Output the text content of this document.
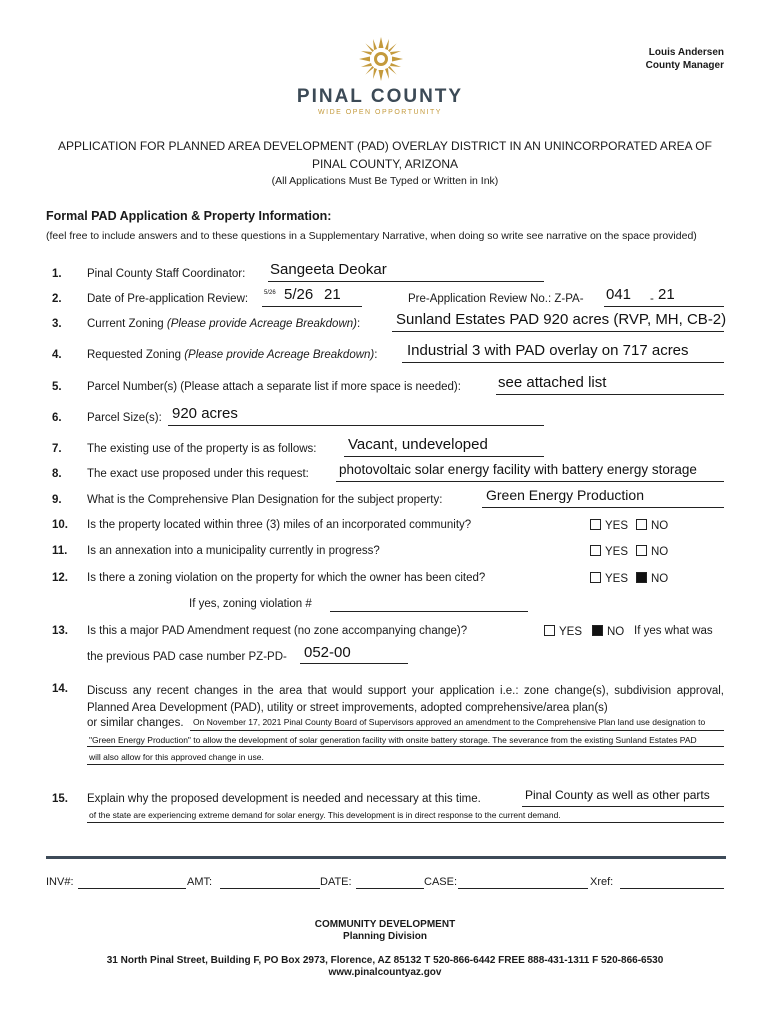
Louis Andersen
County Manager
PINAL COUNTY
WIDE OPEN OPPORTUNITY
APPLICATION FOR PLANNED AREA DEVELOPMENT (PAD) OVERLAY DISTRICT IN AN UNINCORPORATED AREA OF
PINAL COUNTY, ARIZONA
(All Applications Must Be Typed or Written in Ink)
Formal PAD Application & Property Information:
(feel free to include answers and to these questions in a Supplementary Narrative, when doing so write see narrative on the space provided)
1. Pinal County Staff Coordinator: Sangeeta Deokar
2. Date of Pre-application Review:	5/26 5/26 21	Pre-Application Review No.: Z-PA- 041 - 21
3. Current Zoning (Please provide Acreage Breakdown): Sunland Estates PAD 920 acres (RVP, MH, CB-2)
4. Requested Zoning (Please provide Acreage Breakdown): Industrial 3 with PAD overlay on 717 acres
5. Parcel Number(s) (Please attach a separate list if more space is needed): see attached list
6. Parcel Size(s): 920 acres
7. The existing use of the property is as follows: Vacant, undeveloped
8. The exact use proposed under this request: photovoltaic solar energy facility with battery energy storage
9. What is the Comprehensive Plan Designation for the subject property:	Green Energy Production
10. Is the property located within three (3) miles of an incorporated community?	YES	NO
11. Is an annexation into a municipality currently in progress?	YES	NO
12. Is there a zoning violation on the property for which the owner has been cited?	YES	NO
If yes, zoning violation #
13. Is this a major PAD Amendment request (no zone accompanying change)?	YES	NO If yes what was
the previous PAD case number PZ-PD- 052-00
14. Discuss any recent changes in the area that would support your application i.e.: zone change(s), subdivision approval, Planned Area Development (PAD), utility or street improvements, adopted comprehensive/area plan(s)
or similar changes. On November 17, 2021 Pinal County Board of Supervisors approved an amendment to the Comprehensive Plan land use designation to
"Green Energy Production" to allow the development of solar generation facility with onsite battery storage. The severance from the existing Sunland Estates PAD
will also allow for this approved change in use.
15. Explain why the proposed development is needed and necessary at this time.	Pinal County as well as other parts
of the state are experiencing extreme demand for solar energy. This development is in direct response to the current demand.
INV#:	AMT:	DATE:	CASE:	Xref:
COMMUNITY DEVELOPMENT
Planning Division
31 North Pinal Street, Building F, PO Box 2973, Florence, AZ 85132 T 520-866-6442 FREE 888-431-1311 F 520-866-6530
www.pinalcountyaz.gov
